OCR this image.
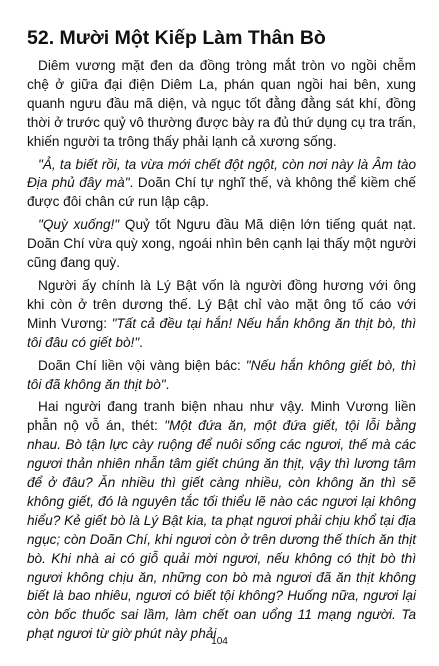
52. Mười Một Kiếp Làm Thân Bò

Diêm vương mặt đen da đồng tròng mắt tròn vo ngồi chễm chệ ở giữa đại điện Diêm La, phán quan ngồi hai bên, xung quanh ngưu đầu mã diện, và ngục tốt đằng đằng sát khí, đồng thời ở trước quỷ vô thường được bày ra đủ thứ dụng cụ tra trấn, khiến người ta trông thấy phải lạnh cả xương sống.

"Ả, ta biết rồi, ta vừa mới chết đột ngột, còn nơi này là Âm tào Địa phủ đây mà". Doãn Chí tự nghĩ thế, và không thể kiềm chế được đôi chân cứ run lập cập.

"Quỳ xuống!" Quỷ tốt Ngưu đầu Mã diện lớn tiếng quát nạt. Doãn Chí vừa quỳ xong, ngoái nhìn bên cạnh lại thấy một người cũng đang quỳ.

Người ấy chính là Lý Bật vốn là người đồng hương với ông khi còn ở trên dương thế. Lý Bật chỉ vào mặt ông tố cáo với Minh Vương: "Tất cả đều tại hắn! Nếu hắn không ăn thịt bò, thì tôi đâu có giết bò!".

Doãn Chí liền vội vàng biện bác: "Nếu hắn không giết bò, thì tôi đã không ăn thịt bò".

Hai người đang tranh biện nhau như vậy. Minh Vương liền phẫn nộ vỗ án, thét: "Một đứa ăn, một đứa giết, tội lỗi bằng nhau. Bò tận lực cày ruộng để nuôi sống các ngươi, thế mà các ngươi thản nhiên nhẫn tâm giết chúng ăn thịt, vậy thì lương tâm để ở đâu? Ăn nhiều thì giết càng nhiều, còn không ăn thì sẽ không giết, đó là nguyên tắc tối thiểu lẽ nào các ngươi lại không hiểu? Kẻ giết bò là Lý Bật kia, ta phạt ngươi phải chịu khổ tại địa ngục; còn Doãn Chí, khi ngươi còn ở trên dương thế thích ăn thịt bò. Khi nhà ai có giỗ quải mời ngươi, nếu không có thịt bò thì ngươi không chịu ăn, những con bò mà ngươi đã ăn thịt không biết là bao nhiêu, ngươi có biết tội không? Huống nữa, ngươi lại còn bốc thuốc sai lầm, làm chết oan uổng 11 mạng người. Ta phạt ngươi từ giờ phút này phải

104
